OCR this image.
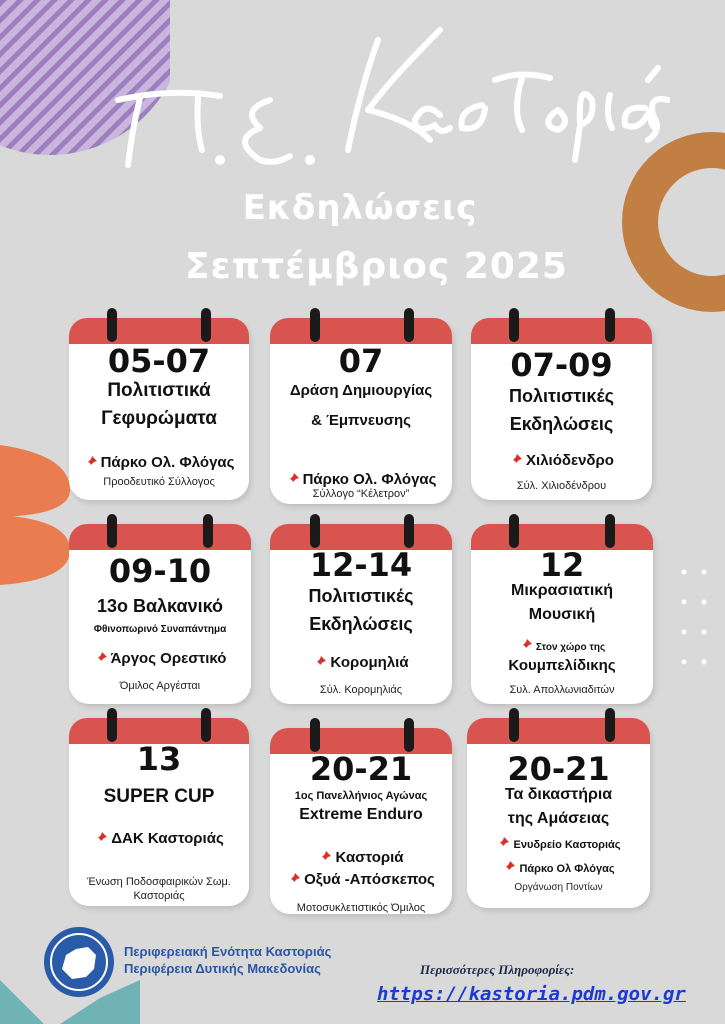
Εκδηλώσεις
Σεπτέμβριος 2025
05-07
Πολιτιστικά
Γεφυρώματα
Πάρκο Ολ. Φλόγας
Προοδευτικό Σύλλογος
07
Δράση Δημιουργίας
& Έμπνευσης
Πάρκο Ολ. Φλόγας
Σύλλογο “Κέλετρον”
07-09
Πολιτιστικές
Εκδηλώσεις
Χιλιόδενδρο
Σύλ. Χιλιοδένδρου
09-10
13ο Βαλκανικό
Φθινοπωρινό Συναπάντημα
Άργος Ορεστικό
Όμιλος Αργέσται
12-14
Πολιτιστικές
Εκδηλώσεις
Κορομηλιά
Σύλ. Κορομηλιάς
12
Μικρασιατική
Μουσική
Στον χώρο της
Κουμπελίδικης
Συλ. Απολλωνιαδιτών
13
SUPER CUP
ΔΑΚ Καστοριάς
Ένωση Ποδοσφαιρικών Σωμ.
Καστοριάς
20-21
1ος Πανελλήνιος Αγώνας
Extreme Enduro
Καστοριά
Οξυά -Απόσκεπος
Μοτοσυκλετιστικός Όμιλος
20-21
Τα δικαστήρια
της Αμάσειας
Ενυδρείο Καστοριάς
Πάρκο Ολ Φλόγας
Οργάνωση Ποντίων
Περιφερειακή Ενότητα Καστοριάς
Περιφέρεια Δυτικής Μακεδονίας	Περισσότερες Πληροφορίες:
https://kastoria.pdm.gov.gr
